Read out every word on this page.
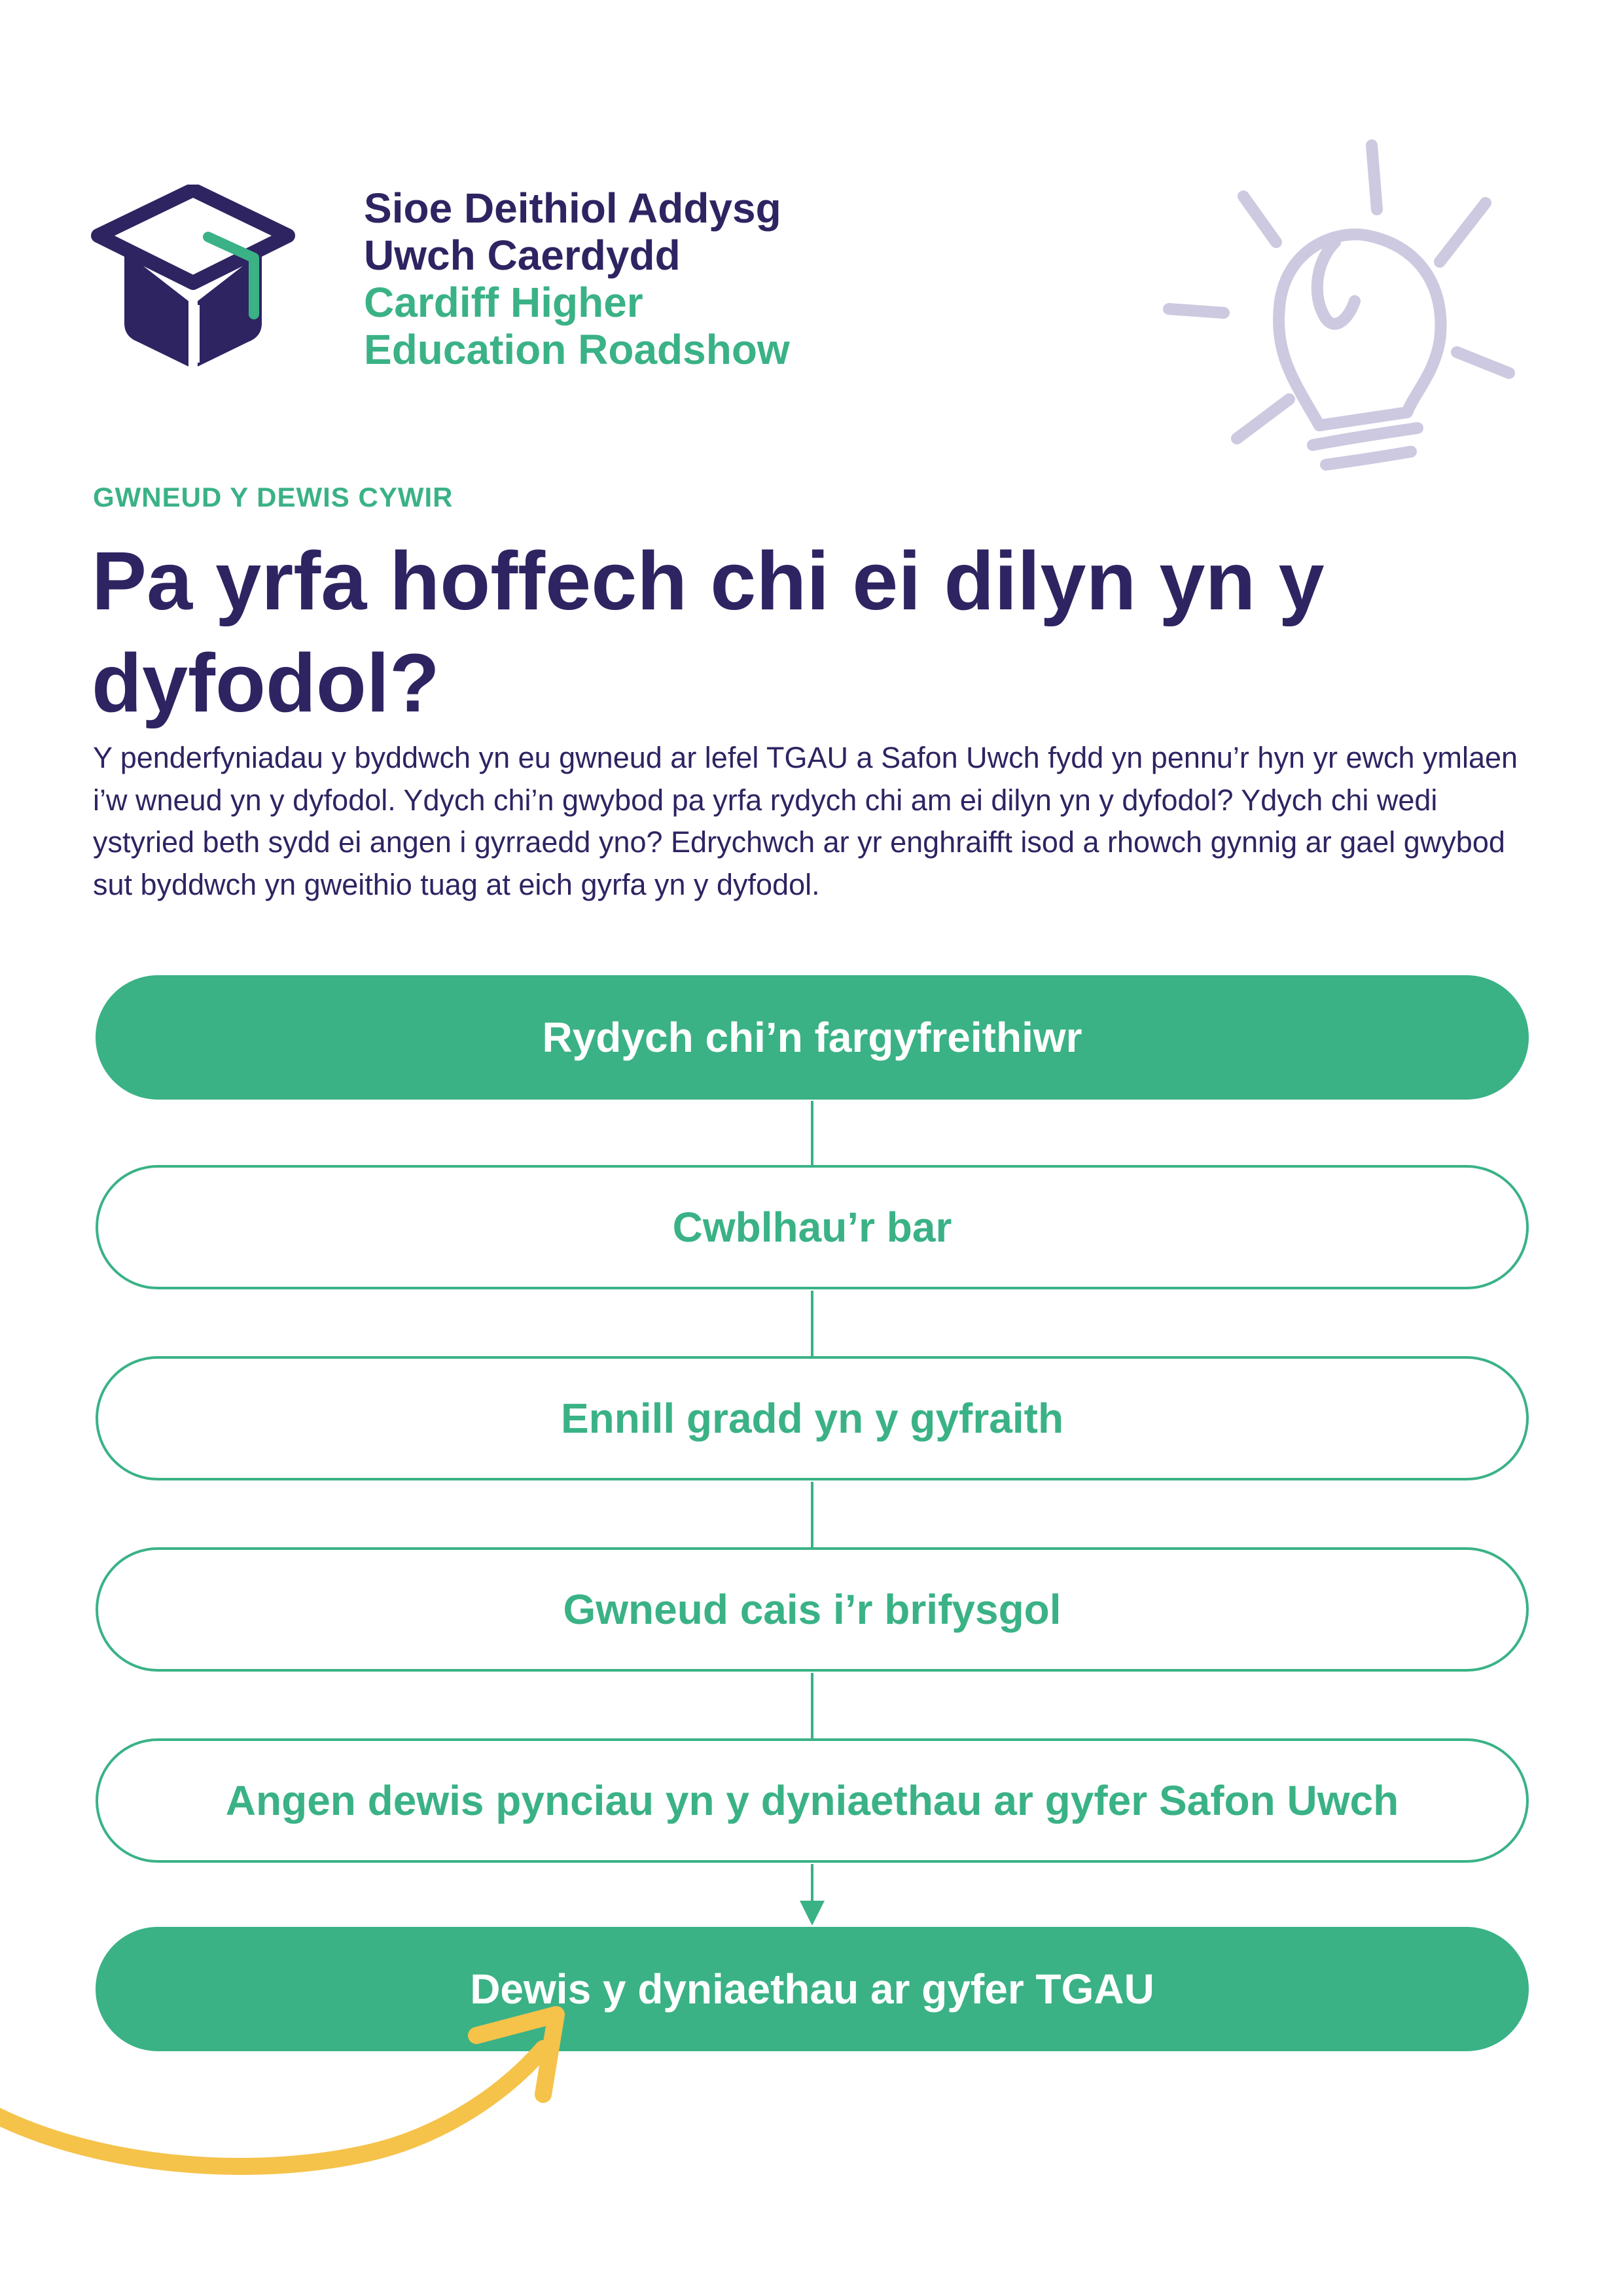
Sioe Deithiol Addysg
Uwch Caerdydd
Cardiff Higher
Education Roadshow

GWNEUD Y DEWIS CYWIR

Pa yrfa hoffech chi ei dilyn yn y dyfodol?

Y penderfyniadau y byddwch yn eu gwneud ar lefel TGAU a Safon Uwch fydd yn pennu’r hyn yr ewch ymlaen i’w wneud yn y dyfodol. Ydych chi’n gwybod pa yrfa rydych chi am ei dilyn yn y dyfodol? Ydych chi wedi ystyried beth sydd ei angen i gyrraedd yno? Edrychwch ar yr enghraifft isod a rhowch gynnig ar gael gwybod sut byddwch yn gweithio tuag at eich gyrfa yn y dyfodol.

Rydych chi’n fargyfreithiwr
Cwblhau’r bar
Ennill gradd yn y gyfraith
Gwneud cais i’r brifysgol
Angen dewis pynciau yn y dyniaethau ar gyfer Safon Uwch
Dewis y dyniaethau ar gyfer TGAU
